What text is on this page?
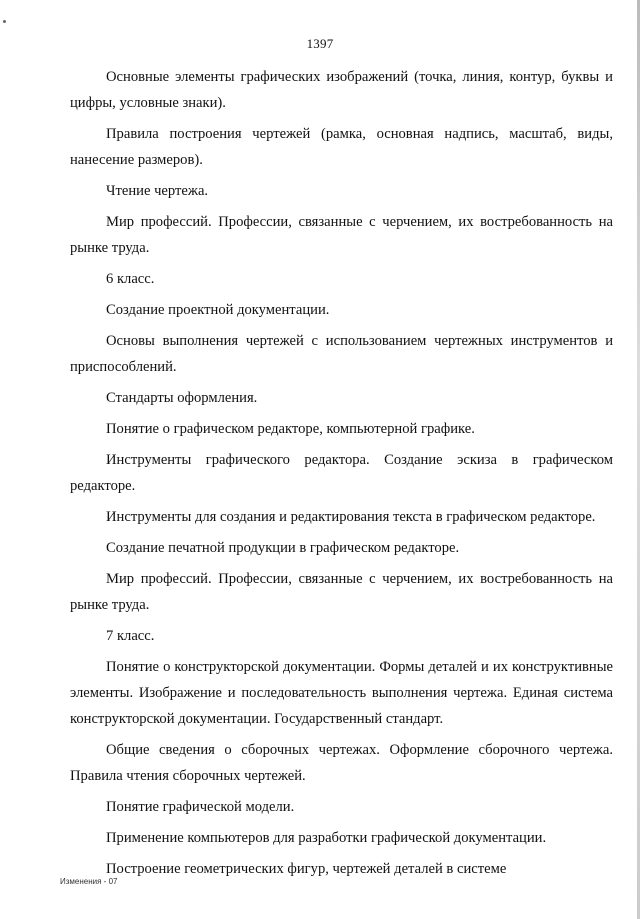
1397

Основные элементы графических изображений (точка, линия, контур, буквы и цифры, условные знаки).

Правила построения чертежей (рамка, основная надпись, масштаб, виды, нанесение размеров).

Чтение чертежа.

Мир профессий. Профессии, связанные с черчением, их востребованность на рынке труда.

6 класс.

Создание проектной документации.

Основы выполнения чертежей с использованием чертежных инструментов и приспособлений.

Стандарты оформления.

Понятие о графическом редакторе, компьютерной графике.

Инструменты графического редактора. Создание эскиза в графическом редакторе.

Инструменты для создания и редактирования текста в графическом редакторе.

Создание печатной продукции в графическом редакторе.

Мир профессий. Профессии, связанные с черчением, их востребованность на рынке труда.

7 класс.

Понятие о конструкторской документации. Формы деталей и их конструктивные элементы. Изображение и последовательность выполнения чертежа. Единая система конструкторской документации. Государственный стандарт.

Общие сведения о сборочных чертежах. Оформление сборочного чертежа. Правила чтения сборочных чертежей.

Понятие графической модели.

Применение компьютеров для разработки графической документации.

Построение геометрических фигур, чертежей деталей в системе

Изменения - 07
